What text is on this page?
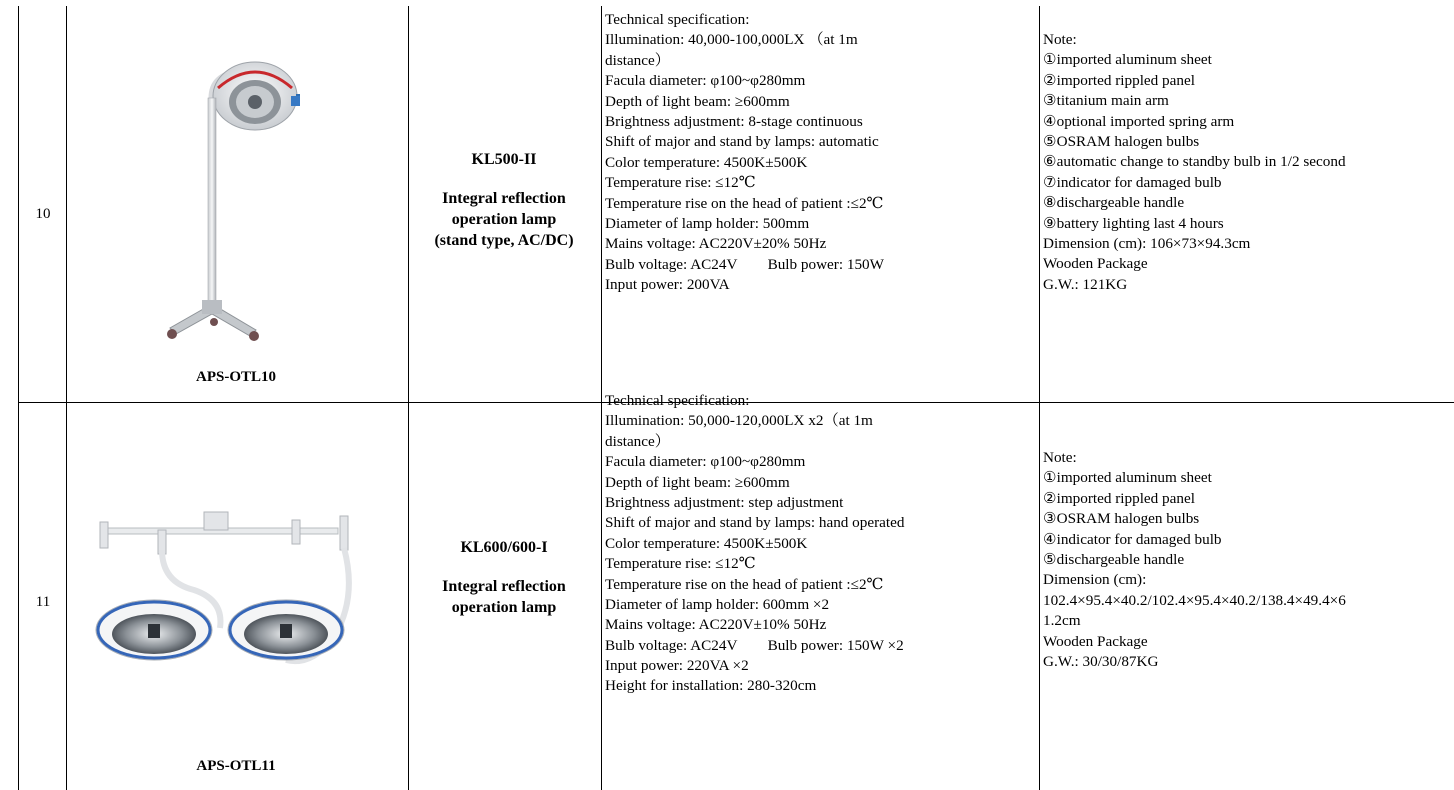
10
APS-OTL10
KL500-II
Integral reflection
operation lamp
(stand type, AC/DC)
Technical specification:
Illumination: 40,000-100,000LX （at 1m
distance）
Facula diameter: φ100~φ280mm
Depth of light beam: ≥600mm
Brightness adjustment: 8-stage continuous
Shift of major and stand by lamps: automatic
Color temperature: 4500K±500K
Temperature rise: ≤12℃
Temperature rise on the head of patient :≤2℃
Diameter of lamp holder: 500mm
Mains voltage: AC220V±20% 50Hz
Bulb voltage: AC24V        Bulb power: 150W
Input power: 200VA
Note:
①imported aluminum sheet
②imported rippled panel
③titanium main arm
④optional imported spring arm
⑤OSRAM halogen bulbs
⑥automatic change to standby bulb in 1/2 second
⑦indicator for damaged bulb
⑧dischargeable handle
⑨battery lighting last 4 hours
Dimension (cm): 106×73×94.3cm
Wooden Package
G.W.: 121KG
11
APS-OTL11
KL600/600-I
Integral reflection
operation lamp
Technical specification:
Illumination: 50,000-120,000LX x2（at 1m
distance）
Facula diameter: φ100~φ280mm
Depth of light beam: ≥600mm
Brightness adjustment: step adjustment
Shift of major and stand by lamps: hand operated
Color temperature: 4500K±500K
Temperature rise: ≤12℃
Temperature rise on the head of patient :≤2℃
Diameter of lamp holder: 600mm ×2
Mains voltage: AC220V±10% 50Hz
Bulb voltage: AC24V        Bulb power: 150W ×2
Input power: 220VA ×2
Height for installation: 280-320cm
Note:
①imported aluminum sheet
②imported rippled panel
③OSRAM halogen bulbs
④indicator for damaged bulb
⑤dischargeable handle
Dimension (cm):
102.4×95.4×40.2/102.4×95.4×40.2/138.4×49.4×6
1.2cm
Wooden Package
G.W.: 30/30/87KG
